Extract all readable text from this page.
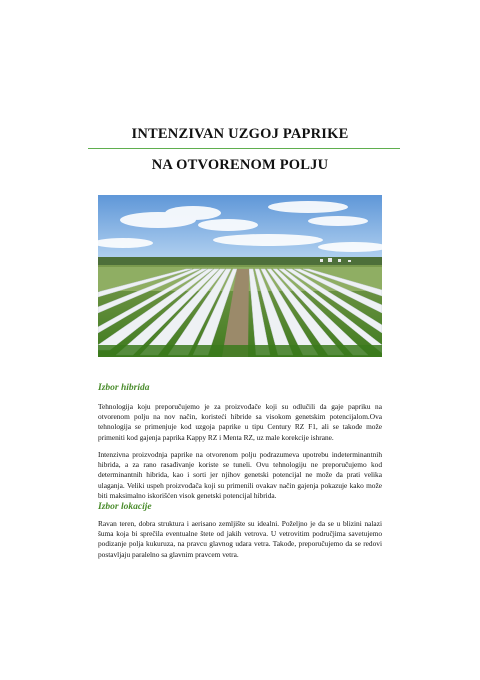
INTENZIVAN UZGOJ PAPRIKE
NA OTVORENOM POLJU
Izbor hibrida

Tehnologija koju preporučujemo je za proizvođače koji su odlučili da gaje papriku na otvorenom polju na nov način, koristeći hibride sa visokom genetskim potencijalom.Ova tehnologija se primenjuje kod uzgoja paprike u tipu Century RZ F1, ali se takođe može primeniti kod gajenja paprika Kappy RZ i Menta RZ, uz male korekcije ishrane.

Intenzivna proizvodnja paprike na otvorenom polju podrazumeva upotrebu indeterminantnih hibrida, a za rano rasađivanje koriste se tuneli. Ovu tehnologiju ne preporučujemo kod determinantnih hibrida, kao i sorti jer njihov genetski potencijal ne može da prati velika ulaganja. Veliki uspeh proizvođača koji su primenili ovakav način gajenja pokazuje kako može biti maksimalno iskorišćen visok genetski potencijal hibrida.

Izbor lokacije

Ravan teren, dobra struktura i aerisano zemljište su idealni. Poželjno je da se u blizini nalazi šuma koja bi sprečila eventualne štete od jakih vetrova. U vetrovitim područjima savetujemo podizanje polja kukuruza, na pravcu glavnog udara vetra. Takođe, preporučujemo da se redovi postavljaju paralelno sa glavnim pravcem vetra.
